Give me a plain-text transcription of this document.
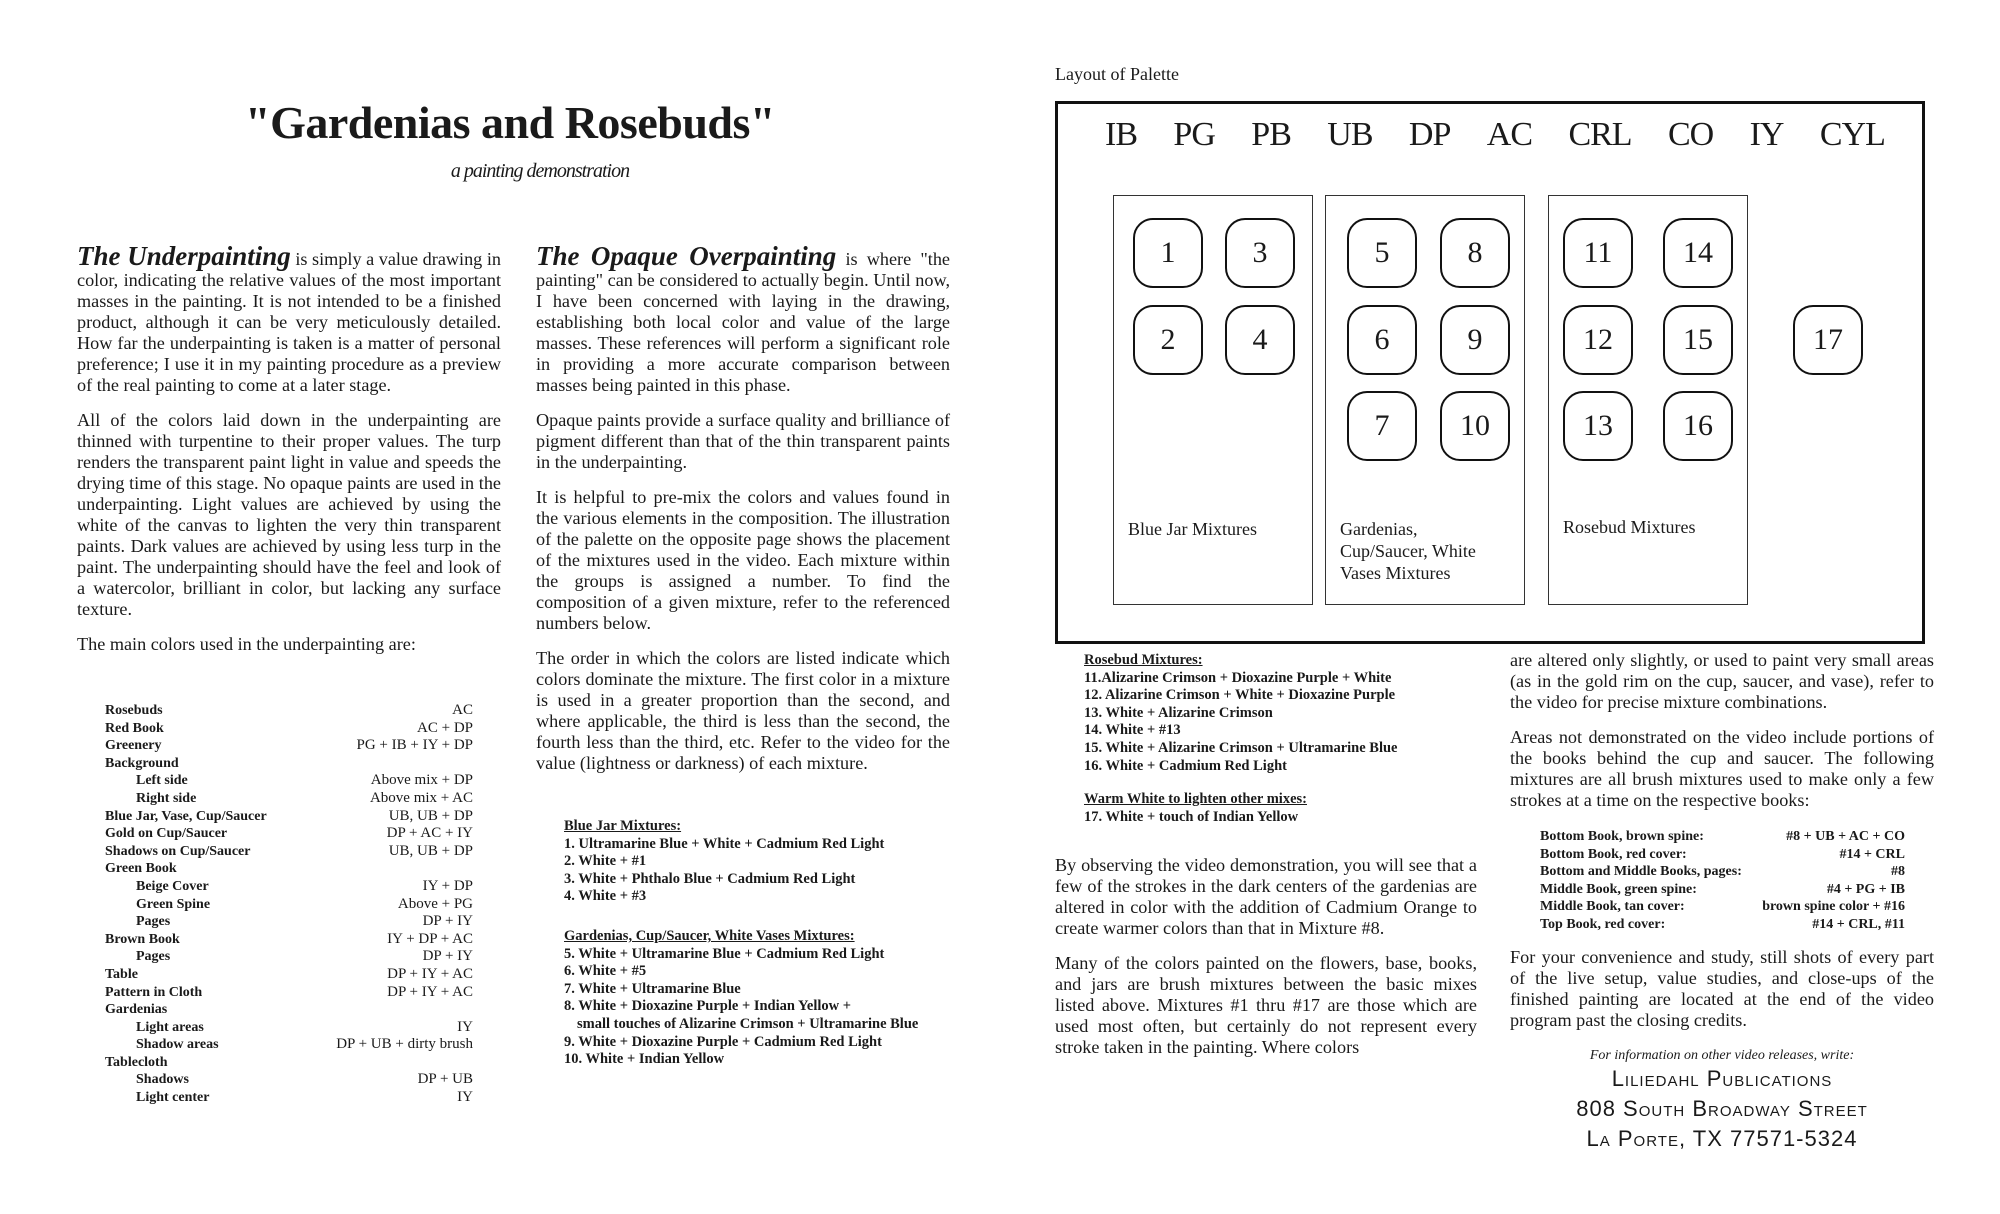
"Gardenias and Rosebuds"
a painting demonstration

The Underpainting is simply a value drawing in color, indicating the relative values of the most important masses in the painting. It is not intended to be a finished product, although it can be very meticulously detailed. How far the underpainting is taken is a matter of personal preference; I use it in my painting procedure as a preview of the real painting to come at a later stage.

All of the colors laid down in the underpainting are thinned with turpentine to their proper values. The turp renders the transparent paint light in value and speeds the drying time of this stage. No opaque paints are used in the underpainting. Light values are achieved by using the white of the canvas to lighten the very thin transparent paints. Dark values are achieved by using less turp in the paint. The underpainting should have the feel and look of a watercolor, brilliant in color, but lacking any surface texture.

The main colors used in the underpainting are:

Rosebuds	AC
Red Book	AC + DP
Greenery	PG + IB + IY + DP
Background
Left side	Above mix + DP
Right side	Above mix + AC
Blue Jar, Vase, Cup/Saucer	UB, UB + DP
Gold on Cup/Saucer	DP + AC + IY
Shadows on Cup/Saucer	UB, UB + DP
Green Book
Beige Cover	IY + DP
Green Spine	Above + PG
Pages	DP + IY
Brown Book	IY + DP + AC
Pages	DP + IY
Table	DP + IY + AC
Pattern in Cloth	DP + IY + AC
Gardenias
Light areas	IY
Shadow areas	DP + UB + dirty brush
Tablecloth
Shadows	DP + UB
Light center	IY

The Opaque Overpainting is where "the painting" can be considered to actually begin. Until now, I have been concerned with laying in the drawing, establishing both local color and value of the large masses. These references will perform a significant role in providing a more accurate comparison between masses being painted in this phase.

Opaque paints provide a surface quality and brilliance of pigment different than that of the thin transparent paints in the underpainting.

It is helpful to pre-mix the colors and values found in the various elements in the composition. The illustration of the palette on the opposite page shows the placement of the mixtures used in the video. Each mixture within the groups is assigned a number. To find the composition of a given mixture, refer to the referenced numbers below.

The order in which the colors are listed indicate which colors dominate the mixture. The first color in a mixture is used in a greater proportion than the second, and where applicable, the third is less than the second, the fourth less than the third, etc. Refer to the video for the value (lightness or darkness) of each mixture.

Blue Jar Mixtures:
1. Ultramarine Blue + White + Cadmium Red Light
2. White + #1
3. White + Phthalo Blue + Cadmium Red Light
4. White + #3
Gardenias, Cup/Saucer, White Vases Mixtures:
5. White + Ultramarine Blue + Cadmium Red Light
6. White + #5
7. White + Ultramarine Blue
8. White + Dioxazine Purple + Indian Yellow +
small touches of Alizarine Crimson + Ultramarine Blue
9. White + Dioxazine Purple + Cadmium Red Light
10. White + Indian Yellow
Layout of Palette
IB PG PB UB DP AC CRL CO IY CYL
1
2
3
4
5
6
7
8
9
10
11
12
13
14
15
16
17
Blue Jar Mixtures	Gardenias,
Cup/Saucer, White
Vases Mixtures
Rosebud Mixtures
Rosebud Mixtures:
11.Alizarine Crimson + Dioxazine Purple + White
12. Alizarine Crimson + White + Dioxazine Purple
13. White + Alizarine Crimson
14. White + #13
15. White + Alizarine Crimson + Ultramarine Blue
16. White + Cadmium Red Light
Warm White to lighten other mixes:
17. White + touch of Indian Yellow

By observing the video demonstration, you will see that a few of the strokes in the dark centers of the gardenias are altered in color with the addition of Cadmium Orange to create warmer colors than that in Mixture #8.

Many of the colors painted on the flowers, base, books, and jars are brush mixtures between the basic mixes listed above. Mixtures #1 thru #17 are those which are used most often, but certainly do not represent every stroke taken in the painting. Where colors

are altered only slightly, or used to paint very small areas (as in the gold rim on the cup, saucer, and vase), refer to the video for precise mixture combinations.

Areas not demonstrated on the video include portions of the books behind the cup and saucer. The following mixtures are all brush mixtures used to make only a few strokes at a time on the respective books:

Bottom Book, brown spine:	#8 + UB + AC + CO
Bottom Book, red cover:	#14 + CRL
Bottom and Middle Books, pages:	#8
Middle Book, green spine:	#4 + PG + IB
Middle Book, tan cover:	brown spine color + #16
Top Book, red cover:	#14 + CRL, #11
For your convenience and study, still shots of every part of the live setup, value studies, and close-ups of the finished painting are located at the end of the video program past the closing credits.
For information on other video releases, write:
Liliedahl Publications
808 South Broadway Street
La Porte, TX 77571-5324
